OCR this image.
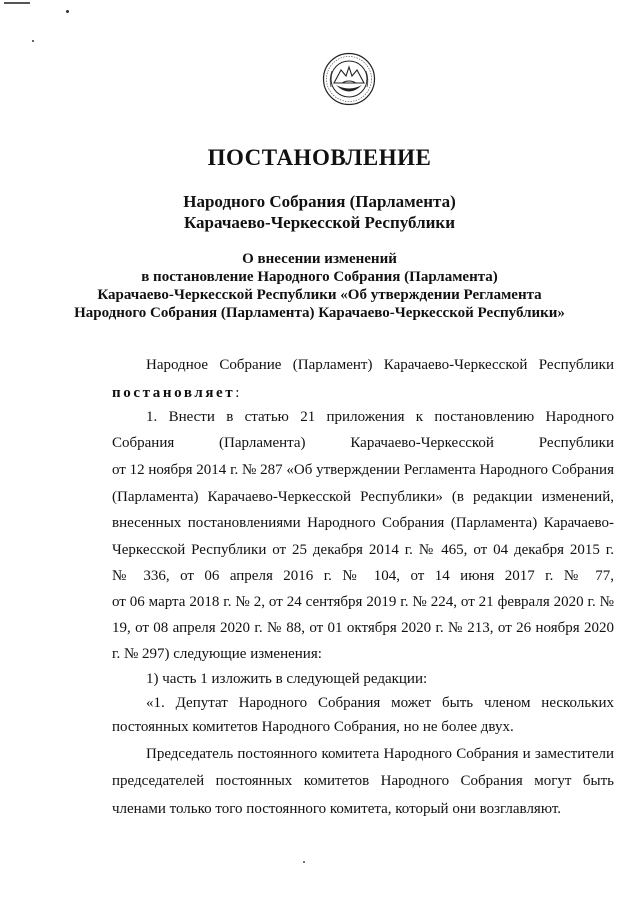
ПОСТАНОВЛЕНИЕ
Народного Собрания (Парламента)
Карачаево-Черкесской Республики
О внесении изменений
в постановление Народного Собрания (Парламента)
Карачаево-Черкесской Республики «Об утверждении Регламента
Народного Собрания (Парламента) Карачаево-Черкесской Республики»
Народное Собрание (Парламент) Карачаево-Черкесской Республики
постановляет:
1. Внести в статью 21 приложения к постановлению Народного
Собрания (Парламента) Карачаево-Черкесской Республики
от 12 ноября 2014 г. № 287 «Об утверждении Регламента Народного Собрания
(Парламента) Карачаево-Черкесской Республики» (в редакции изменений,
внесенных постановлениями Народного Собрания (Парламента) Карачаево-
Черкесской Республики от 25 декабря 2014 г. № 465, от 04 декабря 2015 г.
№ 336, от 06 апреля 2016 г. № 104, от 14 июня 2017 г. № 77,
от 06 марта 2018 г. № 2, от 24 сентября 2019 г. № 224, от 21 февраля 2020 г. №
19, от 08 апреля 2020 г. № 88, от 01 октября 2020 г. № 213, от 26 ноября 2020
г. № 297) следующие изменения:
1) часть 1 изложить в следующей редакции:
«1. Депутат Народного Собрания может быть членом нескольких
постоянных комитетов Народного Собрания, но не более двух.
Председатель постоянного комитета Народного Собрания и заместители
председателей постоянных комитетов Народного Собрания могут быть
членами только того постоянного комитета, который они возглавляют.
